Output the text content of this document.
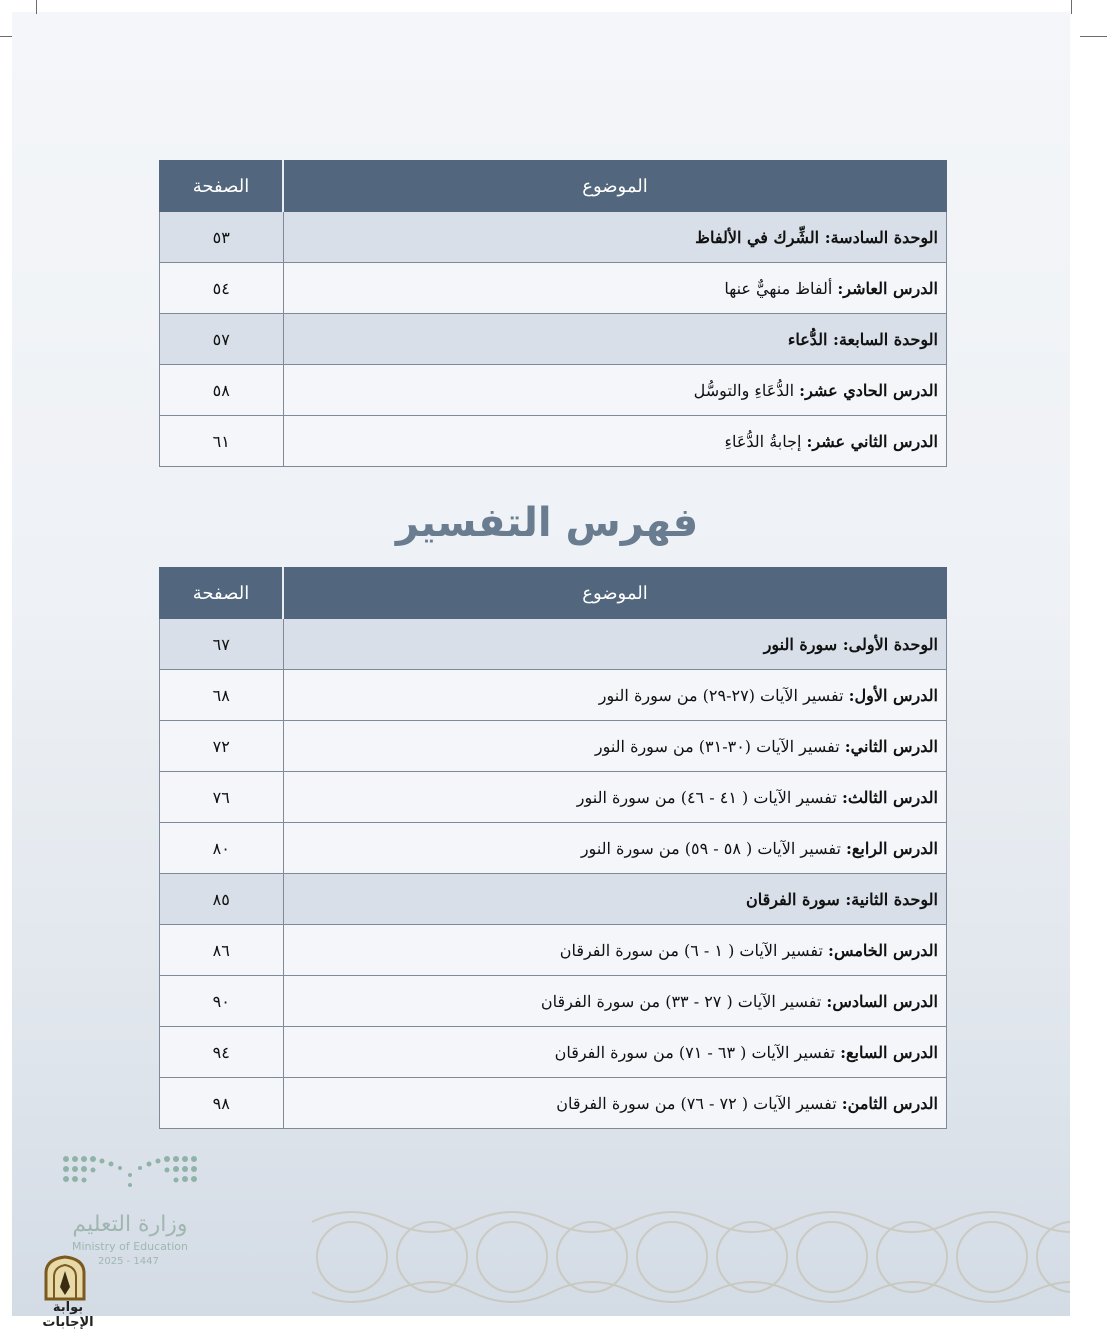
الموضوع	الصفحة
الوحدة السادسة: الشِّرك في الألفاظ	٥٣
الدرس العاشر: ألفاظ منهيٌّ عنها	٥٤
الوحدة السابعة: الدُّعاء	٥٧
الدرس الحادي عشر: الدُّعَاءِ والتوسُّل	٥٨
الدرس الثاني عشر: إجابةُ الدُّعَاءِ	٦١
فهرس التفسير
الموضوع	الصفحة
الوحدة الأولى: سورة النور	٦٧
الدرس الأول: تفسير الآيات (٢٧-٢٩) من سورة النور	٦٨
الدرس الثاني: تفسير الآيات (٣٠-٣١) من سورة النور	٧٢
الدرس الثالث: تفسير الآيات ( ٤١ - ٤٦) من سورة النور	٧٦
الدرس الرابع: تفسير الآيات ( ٥٨ - ٥٩) من سورة النور	٨٠
الوحدة الثانية: سورة الفرقان	٨٥
الدرس الخامس: تفسير الآيات ( ١ - ٦) من سورة الفرقان	٨٦
الدرس السادس: تفسير الآيات ( ٢٧ - ٣٣) من سورة الفرقان	٩٠
الدرس السابع: تفسير الآيات ( ٦٣ - ٧١) من سورة الفرقان	٩٤
الدرس الثامن: تفسير الآيات ( ٧٢ - ٧٦) من سورة الفرقان	٩٨
وزارة التعليم
Ministry of Education
2025 - 1447
بوابة الإجابات
